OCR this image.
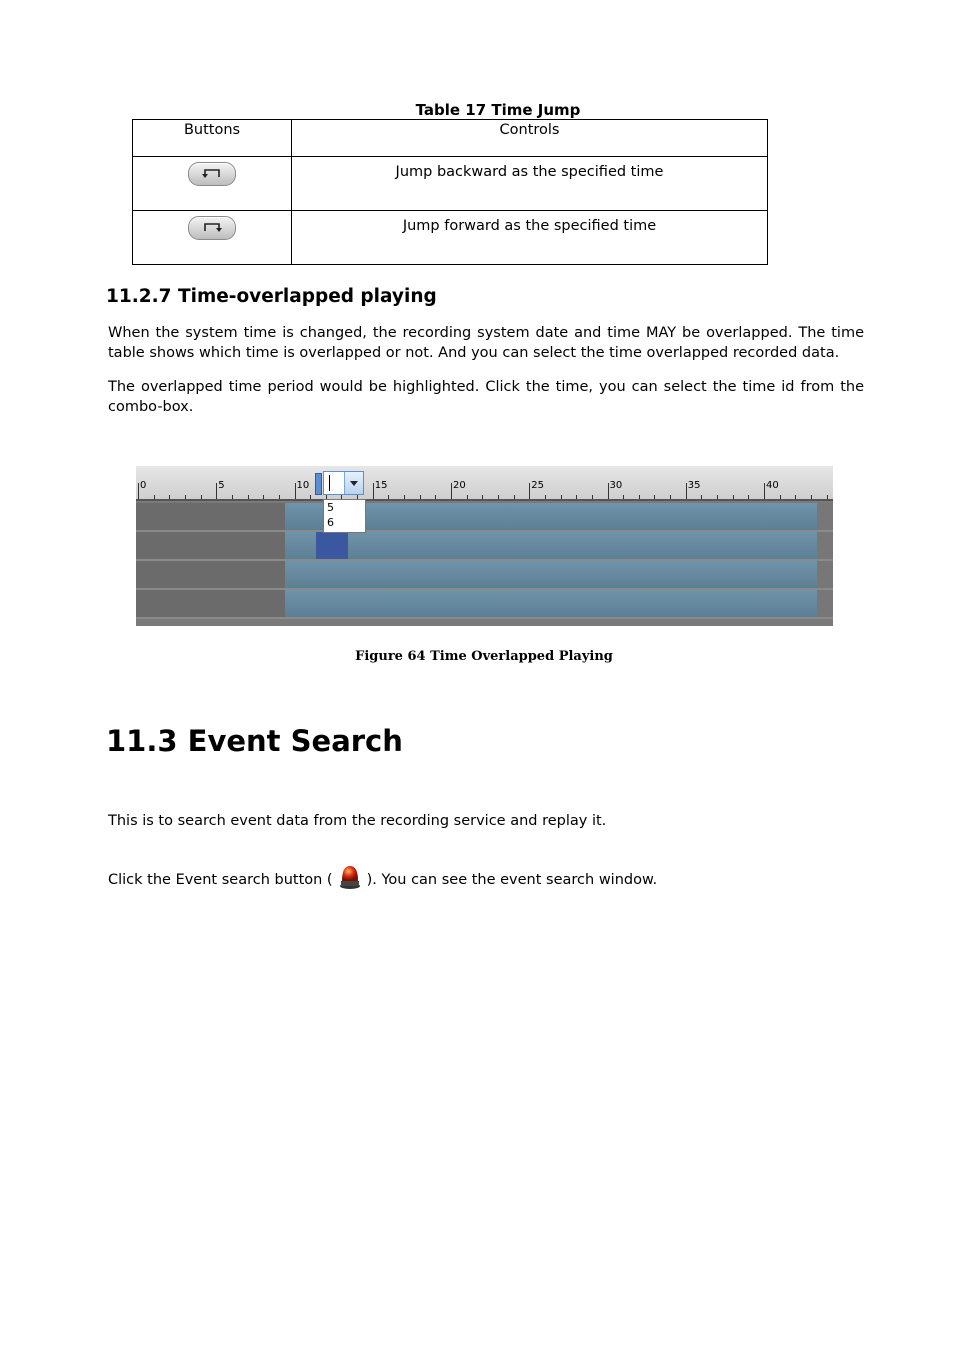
Table 17 Time Jump
Buttons	Controls

	Jump backward as the specified time

	Jump forward as the specified time
11.2.7 Time-overlapped playing
When the system time is changed, the recording system date and time MAY be overlapped. The time table shows which time is overlapped or not. And you can select the time overlapped recorded data.
The overlapped time period would be highlighted. Click the time, you can select the time id from the combo-box.
0	5	10	15	20	25	30	35	40
5
6
Figure 64 Time Overlapped Playing
11.3 Event Search
This is to search event data from the recording service and replay it.
Click the Event search button ( ). You can see the event search window.
